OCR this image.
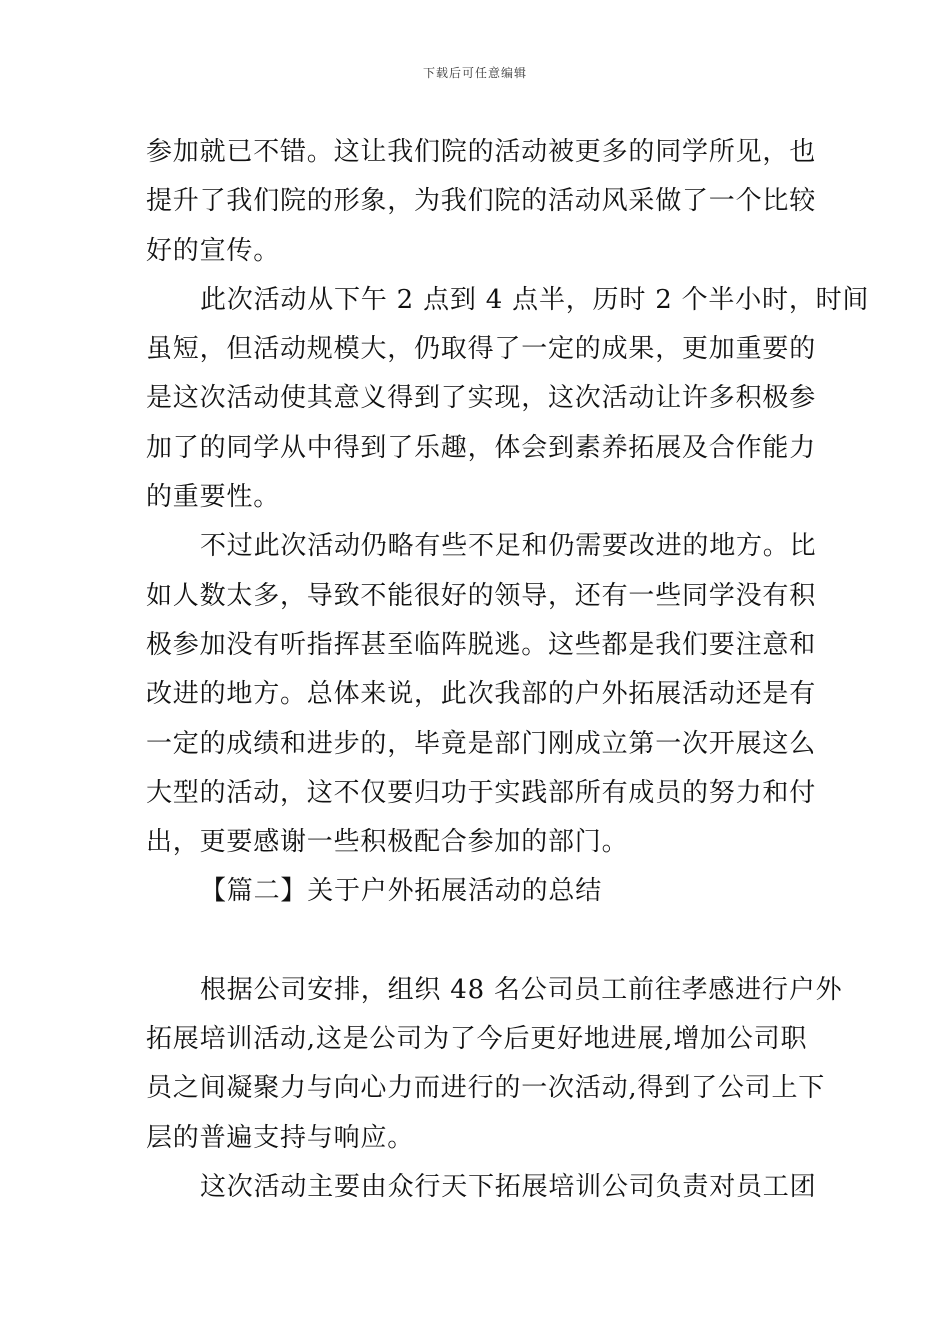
下载后可任意编辑
参加就已不错。这让我们院的活动被更多的同学所见，也
提升了我们院的形象，为我们院的活动风采做了一个比较
好的宣传。
此次活动从下午 2 点到 4 点半，历时 2 个半小时，时间
虽短，但活动规模大，仍取得了一定的成果，更加重要的
是这次活动使其意义得到了实现，这次活动让许多积极参
加了的同学从中得到了乐趣，体会到素养拓展及合作能力
的重要性。
不过此次活动仍略有些不足和仍需要改进的地方。比
如人数太多，导致不能很好的领导，还有一些同学没有积
极参加没有听指挥甚至临阵脱逃。这些都是我们要注意和
改进的地方。总体来说，此次我部的户外拓展活动还是有
一定的成绩和进步的，毕竟是部门刚成立第一次开展这么
大型的活动，这不仅要归功于实践部所有成员的努力和付
出，更要感谢一些积极配合参加的部门。
【篇二】关于户外拓展活动的总结
根据公司安排，组织 48 名公司员工前往孝感进行户外
拓展培训活动,这是公司为了今后更好地进展,增加公司职
员之间凝聚力与向心力而进行的一次活动,得到了公司上下
层的普遍支持与响应。
这次活动主要由众行天下拓展培训公司负责对员工团
